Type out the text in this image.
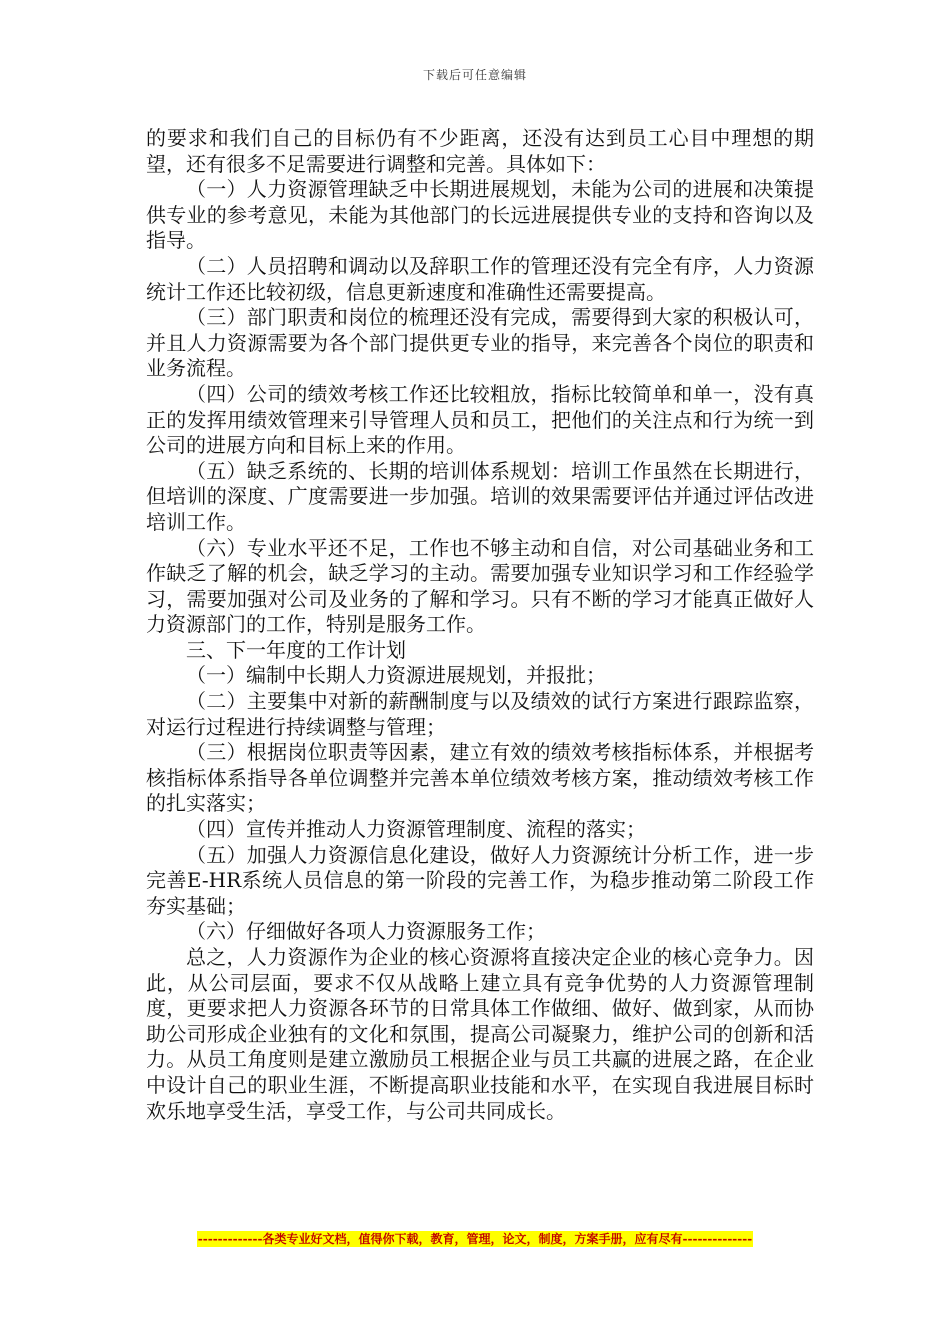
下载后可任意编辑

的要求和我们自己的目标仍有不少距离，还没有达到员工心目中理想的期望，还有很多不足需要进行调整和完善。具体如下：

（一）人力资源管理缺乏中长期进展规划，未能为公司的进展和决策提供专业的参考意见，未能为其他部门的长远进展提供专业的支持和咨询以及指导。

（二）人员招聘和调动以及辞职工作的管理还没有完全有序，人力资源统计工作还比较初级，信息更新速度和准确性还需要提高。

（三）部门职责和岗位的梳理还没有完成，需要得到大家的积极认可，并且人力资源需要为各个部门提供更专业的指导，来完善各个岗位的职责和业务流程。

（四）公司的绩效考核工作还比较粗放，指标比较简单和单一，没有真正的发挥用绩效管理来引导管理人员和员工，把他们的关注点和行为统一到公司的进展方向和目标上来的作用。

（五）缺乏系统的、长期的培训体系规划：培训工作虽然在长期进行，但培训的深度、广度需要进一步加强。培训的效果需要评估并通过评估改进培训工作。

（六）专业水平还不足，工作也不够主动和自信，对公司基础业务和工作缺乏了解的机会，缺乏学习的主动。需要加强专业知识学习和工作经验学习，需要加强对公司及业务的了解和学习。只有不断的学习才能真正做好人力资源部门的工作，特别是服务工作。

三、下一年度的工作计划

（一）编制中长期人力资源进展规划，并报批；

（二）主要集中对新的薪酬制度与以及绩效的试行方案进行跟踪监察，对运行过程进行持续调整与管理；

（三）根据岗位职责等因素，建立有效的绩效考核指标体系，并根据考核指标体系指导各单位调整并完善本单位绩效考核方案，推动绩效考核工作的扎实落实；

（四）宣传并推动人力资源管理制度、流程的落实；

（五）加强人力资源信息化建设，做好人力资源统计分析工作，进一步完善E-HR系统人员信息的第一阶段的完善工作，为稳步推动第二阶段工作夯实基础；

（六）仔细做好各项人力资源服务工作；

总之，人力资源作为企业的核心资源将直接决定企业的核心竞争力。因此，从公司层面，要求不仅从战略上建立具有竞争优势的人力资源管理制度，更要求把人力资源各环节的日常具体工作做细、做好、做到家，从而协助公司形成企业独有的文化和氛围，提高公司凝聚力，维护公司的创新和活力。从员工角度则是建立激励员工根据企业与员工共赢的进展之路，在企业中设计自己的职业生涯，不断提高职业技能和水平，在实现自我进展目标时欢乐地享受生活，享受工作，与公司共同成长。

-------------各类专业好文档，值得你下载，教育，管理，论文，制度，方案手册，应有尽有--------------
